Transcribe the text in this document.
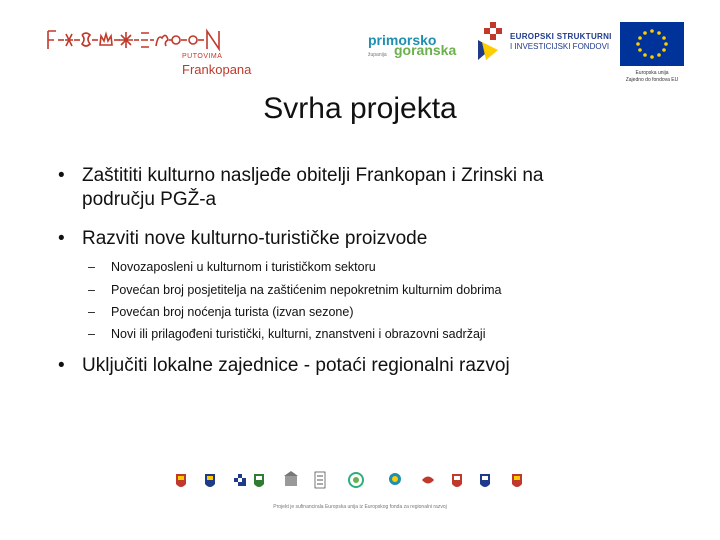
PUTOVIMA
Frankopana
primorsko
goranska
županija
EUROPSKI STRUKTURNI
I INVESTICIJSKI FONDOVI
Europska unija
Zajedno do fondova EU
Svrha projekta
• Zaštititi kulturno nasljeđe obitelji Frankopan i Zrinski na
području PGŽ-a
• Razviti nove kulturno-turističke proizvode
– Novozaposleni u kulturnom i turističkom sektoru
– Povećan broj posjetitelja na zaštićenim nepokretnim kulturnim dobrima
– Povećan broj noćenja turista (izvan sezone)
– Novi ili prilagođeni turistički, kulturni, znanstveni i obrazovni sadržaji
• Uključiti lokalne zajednice - potaći regionalni razvoj
Projekt je sufinancirala Europska unija iz Europskog fonda za regionalni razvoj
